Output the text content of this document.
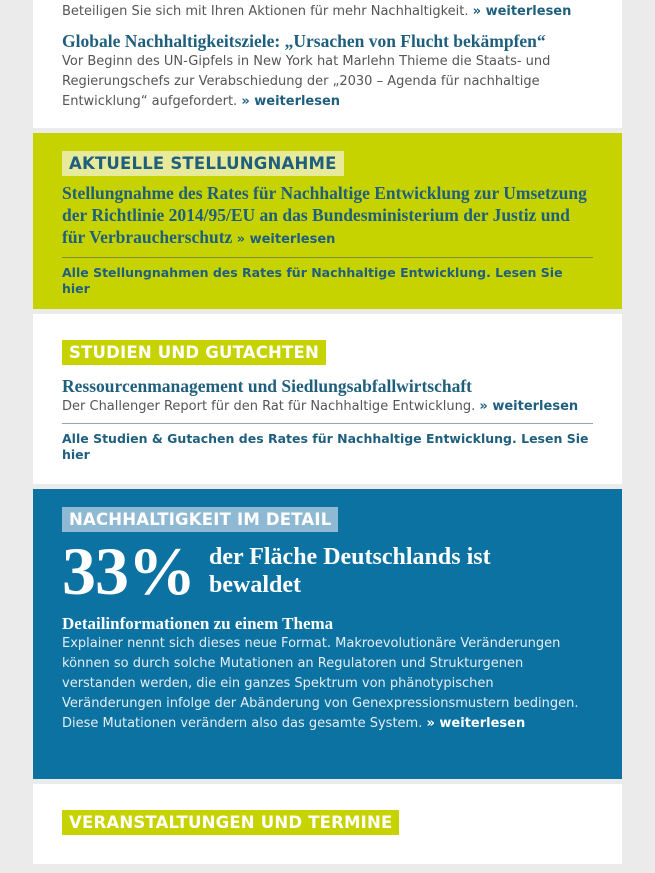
Beteiligen Sie sich mit Ihren Aktionen für mehr Nachhaltigkeit. » weiterlesen
Globale Nachhaltigkeitsziele: „Ursachen von Flucht bekämpfen“
Vor Beginn des UN-Gipfels in New York hat Marlehn Thieme die Staats- und Regierungschefs zur Verabschiedung der „2030 – Agenda für nachhaltige Entwicklung“ aufgefordert. » weiterlesen
AKTUELLE STELLUNGNAHME
Stellungnahme des Rates für Nachhaltige Entwicklung zur Umsetzung der Richtlinie 2014/95/EU an das Bundesministerium der Justiz und für Verbraucherschutz » weiterlesen
Alle Stellungnahmen des Rates für Nachhaltige Entwicklung. Lesen Sie hier
STUDIEN UND GUTACHTEN
Ressourcenmanagement und Siedlungsabfallwirtschaft
Der Challenger Report für den Rat für Nachhaltige Entwicklung. » weiterlesen
Alle Studien & Gutachen des Rates für Nachhaltige Entwicklung. Lesen Sie hier
NACHHALTIGKEIT IM DETAIL
33% der Fläche Deutschlands ist bewaldet
Detailinformationen zu einem Thema
Explainer nennt sich dieses neue Format. Makroevolutionäre Veränderungen können so durch solche Mutationen an Regulatoren und Strukturgenen verstanden werden, die ein ganzes Spektrum von phänotypischen Veränderungen infolge der Abänderung von Genexpressionsmustern bedingen. Diese Mutationen verändern also das gesamte System. » weiterlesen
VERANSTALTUNGEN UND TERMINE
